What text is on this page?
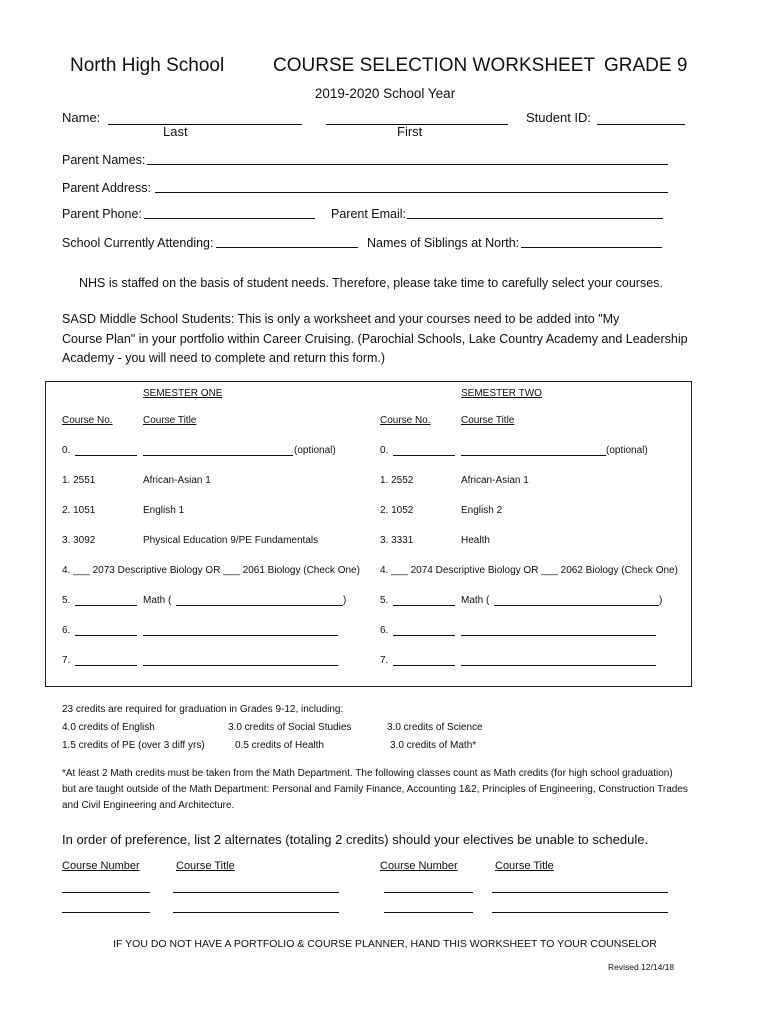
North High School	COURSE SELECTION WORKSHEET GRADE 9
2019-2020 School Year
Name:	Student ID:
Last	First
Parent Names:
Parent Address:
Parent Phone:	Parent Email:
School Currently Attending:	Names of Siblings at North:
NHS is staffed on the basis of student needs. Therefore, please take time to carefully select your courses.
SASD Middle School Students: This is only a worksheet and your courses need to be added into "My
Course Plan" in your portfolio within Career Cruising. (Parochial Schools, Lake Country Academy and Leadership
Academy - you will need to complete and return this form.)
SEMESTER ONE	SEMESTER TWO
Course No.	Course Title	Course No.	Course Title
0.	(optional)	0.	(optional)
1. 2551	African-Asian 1	1. 2552	African-Asian 1
2. 1051	English 1	2. 1052	English 2
3. 3092	Physical Education 9/PE Fundamentals	3. 3331	Health
4. ___ 2073 Descriptive Biology OR ___ 2061 Biology (Check One) 4. ___ 2074 Descriptive Biology OR ___ 2062 Biology (Check One)
5.	Math (	)	5.	Math (	)
6.	6.
7.	7.
23 credits are required for graduation in Grades 9-12, including:
4.0 credits of English	3.0 credits of Social Studies	3.0 credits of Science
1.5 credits of PE (over 3 diff yrs)	0.5 credits of Health	3.0 credits of Math*
*At least 2 Math credits must be taken from the Math Department. The following classes count as Math credits (for high school graduation)
but are taught outside of the Math Department: Personal and Family Finance, Accounting 1&2, Principles of Engineering, Construction Trades
and Civil Engineering and Architecture.
In order of preference, list 2 alternates (totaling 2 credits) should your electives be unable to schedule.
Course Number	Course Title	Course Number	Course Title
IF YOU DO NOT HAVE A PORTFOLIO & COURSE PLANNER, HAND THIS WORKSHEET TO YOUR COUNSELOR
Revised 12/14/18
